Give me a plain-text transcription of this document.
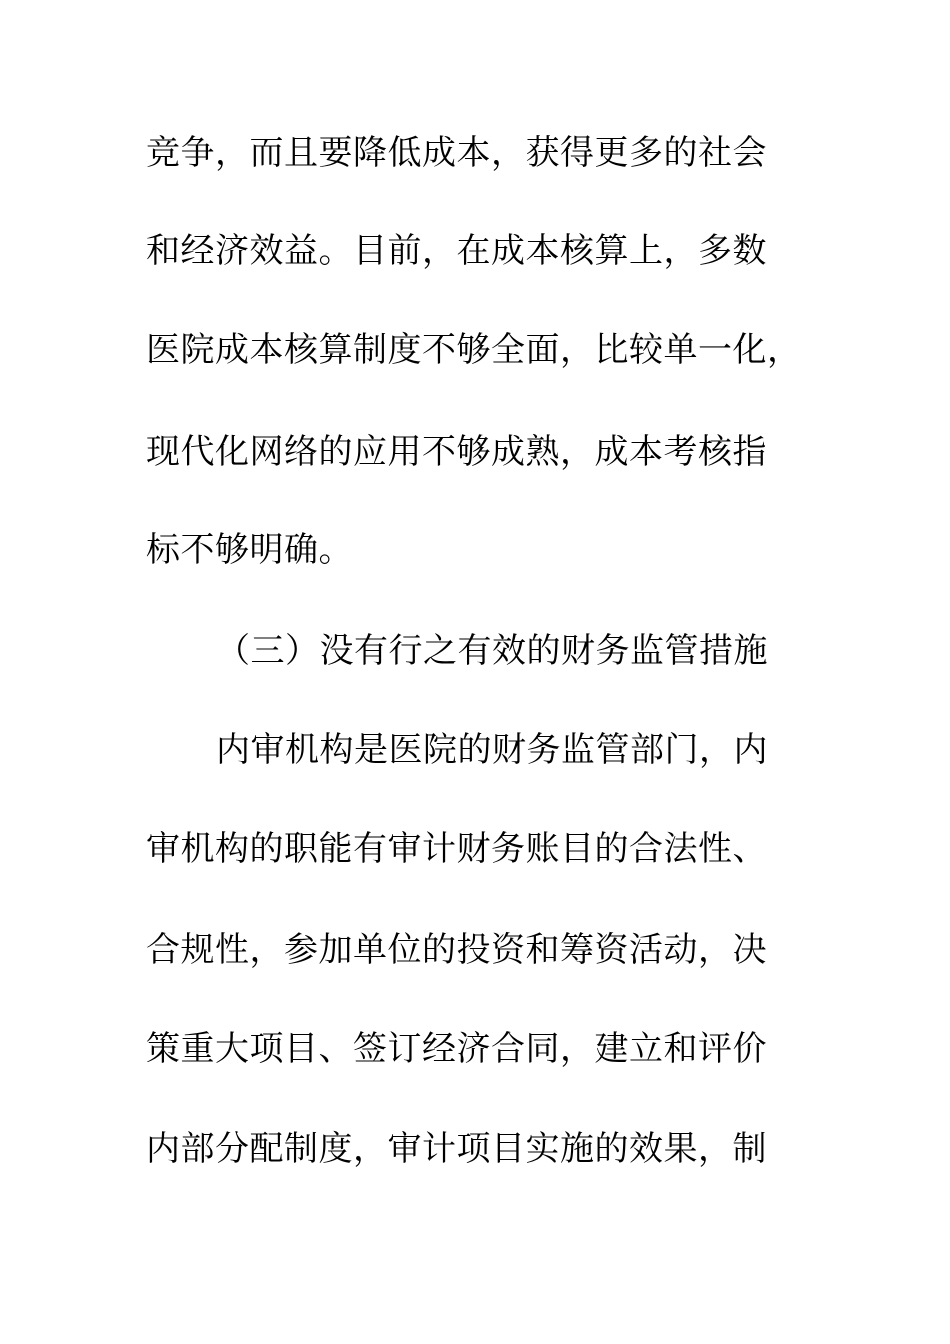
竞争，而且要降低成本，获得更多的社会
和经济效益。目前，在成本核算上，多数
医院成本核算制度不够全面，比较单一化，
现代化网络的应用不够成熟，成本考核指
标不够明确。
（三）没有行之有效的财务监管措施
内审机构是医院的财务监管部门，内
审机构的职能有审计财务账目的合法性、
合规性，参加单位的投资和筹资活动，决
策重大项目、签订经济合同，建立和评价
内部分配制度，审计项目实施的效果，制
